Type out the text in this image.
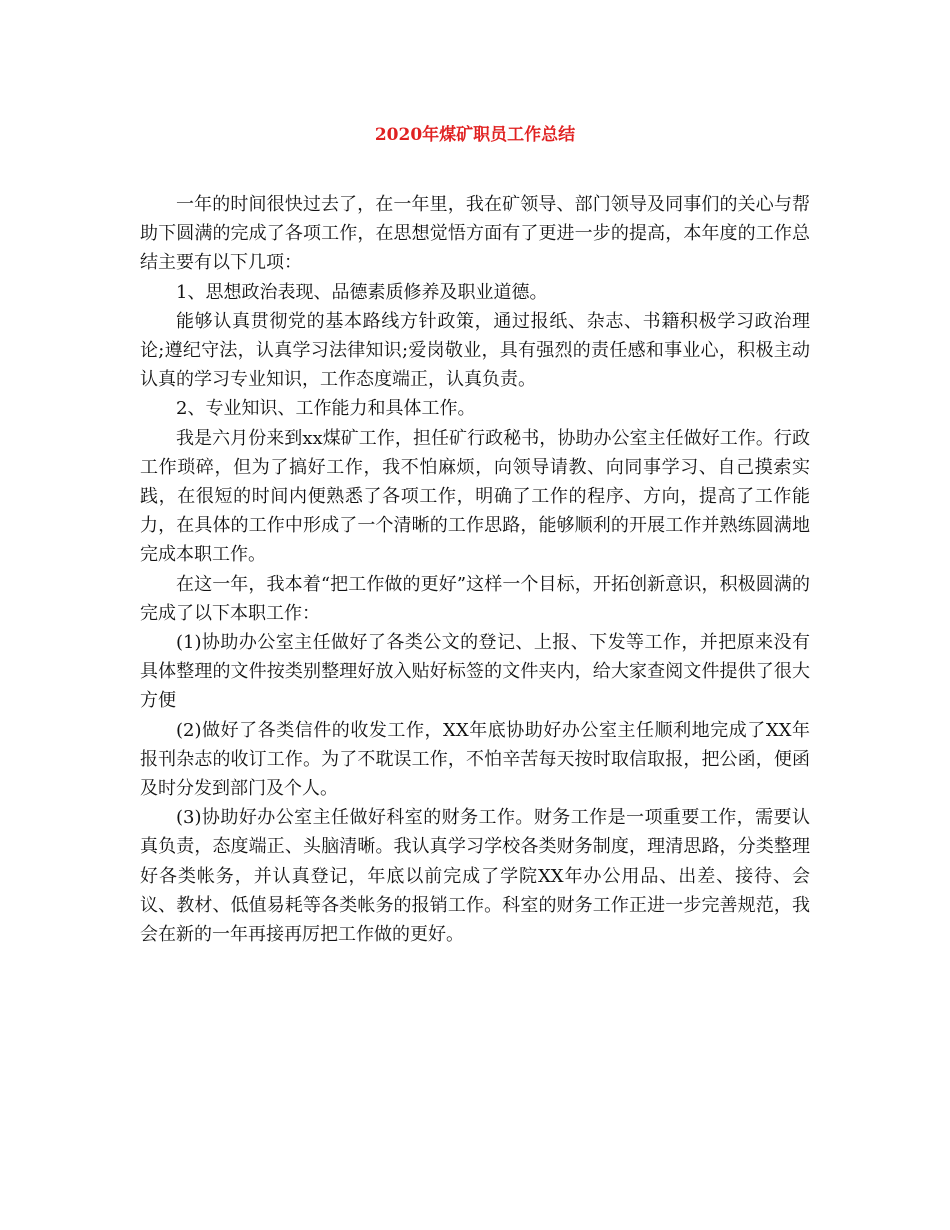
2020年煤矿职员工作总结

一年的时间很快过去了，在一年里，我在矿领导、部门领导及同事们的关心与帮助下圆满的完成了各项工作，在思想觉悟方面有了更进一步的提高，本年度的工作总结主要有以下几项：

1、思想政治表现、品德素质修养及职业道德。

能够认真贯彻党的基本路线方针政策，通过报纸、杂志、书籍积极学习政治理论;遵纪守法，认真学习法律知识;爱岗敬业，具有强烈的责任感和事业心，积极主动认真的学习专业知识，工作态度端正，认真负责。

2、专业知识、工作能力和具体工作。

我是六月份来到xx煤矿工作，担任矿行政秘书，协助办公室主任做好工作。行政工作琐碎，但为了搞好工作，我不怕麻烦，向领导请教、向同事学习、自己摸索实践，在很短的时间内便熟悉了各项工作，明确了工作的程序、方向，提高了工作能力，在具体的工作中形成了一个清晰的工作思路，能够顺利的开展工作并熟练圆满地完成本职工作。

在这一年，我本着“把工作做的更好”这样一个目标，开拓创新意识，积极圆满的完成了以下本职工作：

(1)协助办公室主任做好了各类公文的登记、上报、下发等工作，并把原来没有具体整理的文件按类别整理好放入贴好标签的文件夹内，给大家查阅文件提供了很大方便

(2)做好了各类信件的收发工作，XX年底协助好办公室主任顺利地完成了XX年报刊杂志的收订工作。为了不耽误工作，不怕辛苦每天按时取信取报，把公函，便函及时分发到部门及个人。

(3)协助好办公室主任做好科室的财务工作。财务工作是一项重要工作，需要认真负责，态度端正、头脑清晰。我认真学习学校各类财务制度，理清思路，分类整理好各类帐务，并认真登记，年底以前完成了学院XX年办公用品、出差、接待、会议、教材、低值易耗等各类帐务的报销工作。科室的财务工作正进一步完善规范，我会在新的一年再接再厉把工作做的更好。
